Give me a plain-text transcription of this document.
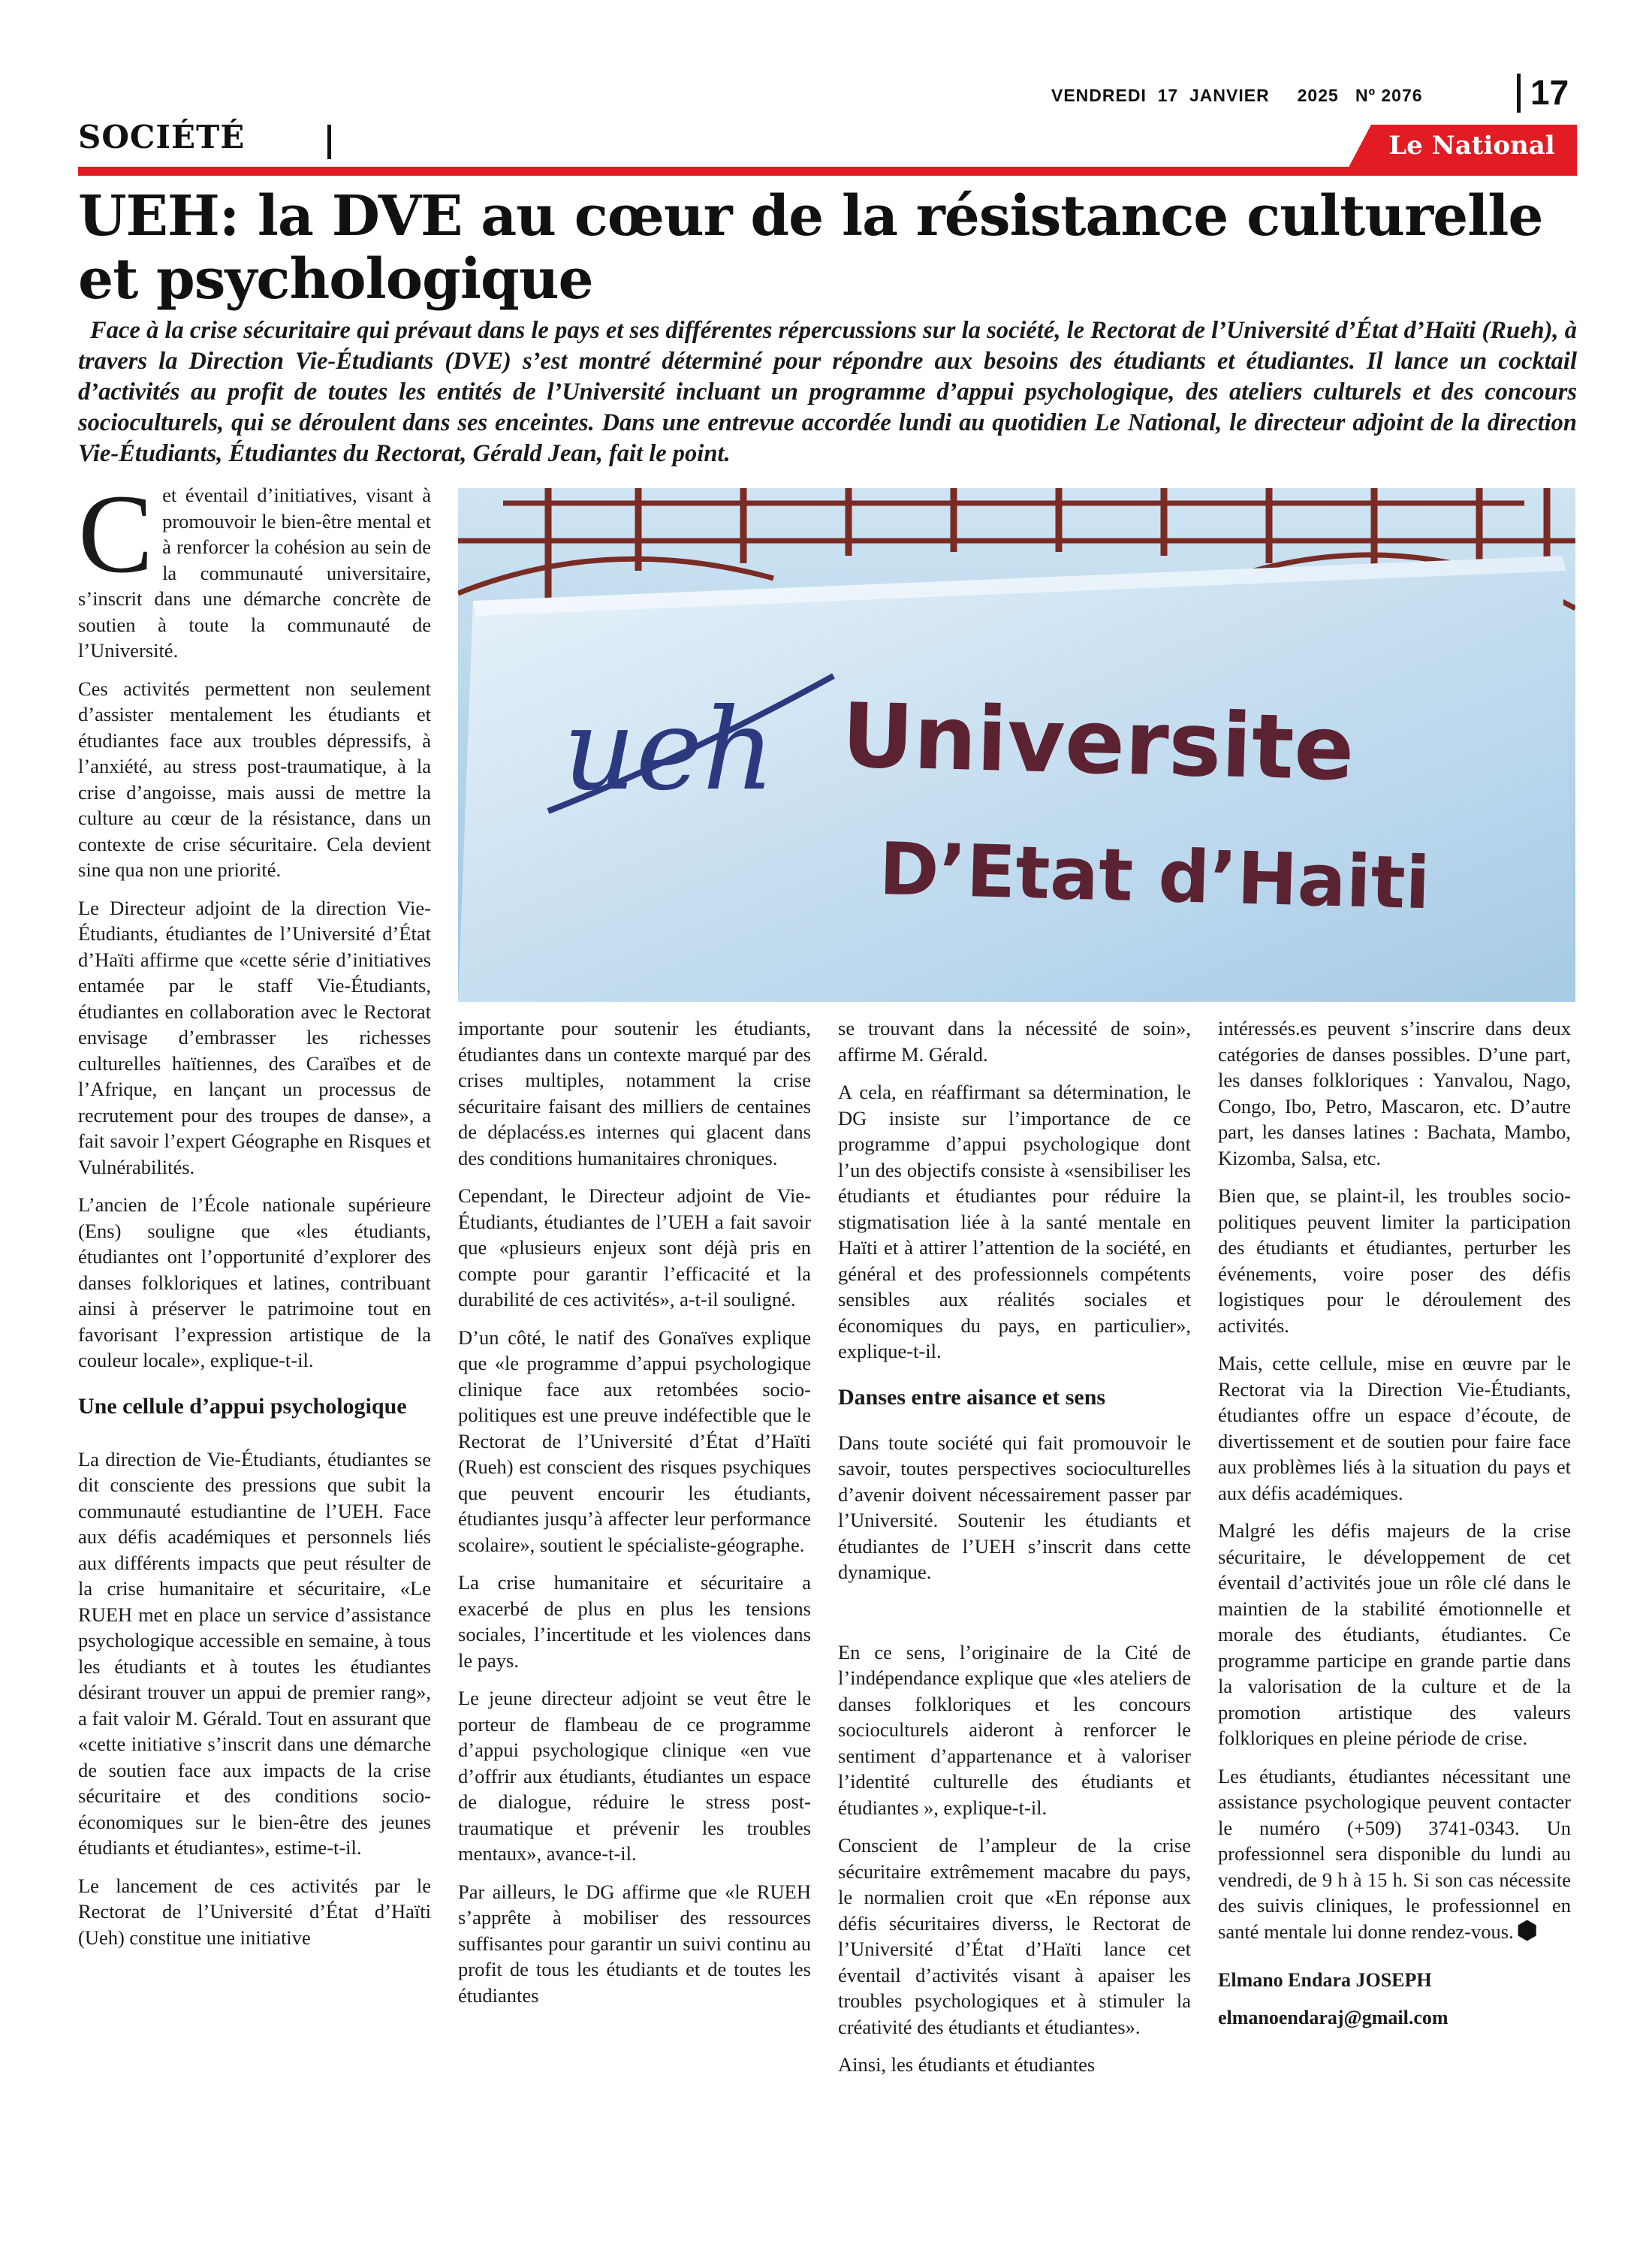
SOCIÉTÉ
VENDREDI  17  JANVIER     2025   Nº 2076	17
Le National
UEH: la DVE au cœur de la résistance culturelle et psychologique
Face à la crise sécuritaire qui prévaut dans le pays et ses différentes répercussions sur la société, le Rectorat de l’Université d’État d’Haïti (Rueh), à travers la Direction Vie-Étudiants (DVE) s’est montré déterminé pour répondre aux besoins des étudiants et étudiantes. Il lance un cocktail d’activités au profit de toutes les entités de l’Université incluant un programme d’appui psychologique, des ateliers culturels et des concours socioculturels, qui se déroulent dans ses enceintes. Dans une entrevue accordée lundi au quotidien Le National, le directeur adjoint de la direction Vie-Étudiants, Étudiantes du Rectorat, Gérald Jean, fait le point.
ueh Universite
D’Etat d’Haiti

Cet éventail d’initiatives, visant à promouvoir le bien-être mental et à renforcer la cohésion au sein de la communauté universitaire, s’inscrit dans une démarche concrète de soutien à toute la communauté de l’Université.

Ces activités permettent non seulement d’assister mentalement les étudiants et étudiantes face aux troubles dépressifs, à l’anxiété, au stress post-traumatique, à la crise d’angoisse, mais aussi de mettre la culture au cœur de la résistance, dans un contexte de crise sécuritaire. Cela devient sine qua non une priorité.

Le Directeur adjoint de la direction Vie-Étudiants, étudiantes de l’Université d’État d’Haïti affirme que «cette série d’initiatives entamée par le staff Vie-Étudiants, étudiantes en collaboration avec le Rectorat envisage d’embrasser les richesses culturelles haïtiennes, des Caraïbes et de l’Afrique, en lançant un processus de recrutement pour des troupes de danse», a fait savoir l’expert Géographe en Risques et Vulnérabilités.

L’ancien de l’École nationale supérieure (Ens) souligne que «les étudiants, étudiantes ont l’opportunité d’explorer des danses folkloriques et latines, contribuant ainsi à préserver le patrimoine tout en favorisant l’expression artistique de la couleur locale», explique-t-il.

Une cellule d’appui psychologique

La direction de Vie-Étudiants, étudiantes se dit consciente des pressions que subit la communauté estudiantine de l’UEH. Face aux défis académiques et personnels liés aux différents impacts que peut résulter de la crise humanitaire et sécuritaire, «Le RUEH met en place un service d’assistance psychologique accessible en semaine, à tous les étudiants et à toutes les étudiantes désirant trouver un appui de premier rang», a fait valoir M. Gérald. Tout en assurant que «cette initiative s’inscrit dans une démarche de soutien face aux impacts de la crise sécuritaire et des conditions socio-économiques sur le bien-être des jeunes étudiants et étudiantes», estime-t-il.

Le lancement de ces activités par le Rectorat de l’Université d’État d’Haïti (Ueh) constitue une initiative

importante pour soutenir les étudiants, étudiantes dans un contexte marqué par des crises multiples, notamment la crise sécuritaire faisant des milliers de centaines de déplacéss.es internes qui glacent dans des conditions humanitaires chroniques.

Cependant, le Directeur adjoint de Vie-Étudiants, étudiantes de l’UEH a fait savoir que «plusieurs enjeux sont déjà pris en compte pour garantir l’efficacité et la durabilité de ces activités», a-t-il souligné.

D’un côté, le natif des Gonaïves explique que «le programme d’appui psychologique clinique face aux retombées socio-politiques est une preuve indéfectible que le Rectorat de l’Université d’État d’Haïti (Rueh) est conscient des risques psychiques que peuvent encourir les étudiants, étudiantes jusqu’à affecter leur performance scolaire», soutient le spécialiste-géographe.

La crise humanitaire et sécuritaire a exacerbé de plus en plus les tensions sociales, l’incertitude et les violences dans le pays.

Le jeune directeur adjoint se veut être le porteur de flambeau de ce programme d’appui psychologique clinique «en vue d’offrir aux étudiants, étudiantes un espace de dialogue, réduire le stress post-traumatique et prévenir les troubles mentaux», avance-t-il.

Par ailleurs, le DG affirme que «le RUEH s’apprête à mobiliser des ressources suffisantes pour garantir un suivi continu au profit de tous les étudiants et de toutes les étudiantes

se trouvant dans la nécessité de soin», affirme M. Gérald.

A cela, en réaffirmant sa détermination, le DG insiste sur l’importance de ce programme d’appui psychologique dont l’un des objectifs consiste à «sensibiliser les étudiants et étudiantes pour réduire la stigmatisation liée à la santé mentale en Haïti et à attirer l’attention de la société, en général et des professionnels compétents sensibles aux réalités sociales et économiques du pays, en particulier», explique-t-il.

Danses entre aisance et sens

Dans toute société qui fait promouvoir le savoir, toutes perspectives socioculturelles d’avenir doivent nécessairement passer par l’Université. Soutenir les étudiants et étudiantes de l’UEH s’inscrit dans cette dynamique.

En ce sens, l’originaire de la Cité de l’indépendance explique que «les ateliers de danses folkloriques et les concours socioculturels aideront à renforcer le sentiment d’appartenance et à valoriser l’identité culturelle des étudiants et étudiantes », explique-t-il.

Conscient de l’ampleur de la crise sécuritaire extrêmement macabre du pays, le normalien croit que «En réponse aux défis sécuritaires diverss, le Rectorat de l’Université d’État d’Haïti lance cet éventail d’activités visant à apaiser les troubles psychologiques et à stimuler la créativité des étudiants et étudiantes».

Ainsi, les étudiants et étudiantes

intéressés.es peuvent s’inscrire dans deux catégories de danses possibles. D’une part, les danses folkloriques : Yanvalou, Nago, Congo, Ibo, Petro, Mascaron, etc. D’autre part, les danses latines : Bachata, Mambo, Kizomba, Salsa, etc.

Bien que, se plaint-il, les troubles socio-politiques peuvent limiter la participation des étudiants et étudiantes, perturber les événements, voire poser des défis logistiques pour le déroulement des activités.

Mais, cette cellule, mise en œuvre par le Rectorat via la Direction Vie-Étudiants, étudiantes offre un espace d’écoute, de divertissement et de soutien pour faire face aux problèmes liés à la situation du pays et aux défis académiques.

Malgré les défis majeurs de la crise sécuritaire, le développement de cet éventail d’activités joue un rôle clé dans le maintien de la stabilité émotionnelle et morale des étudiants, étudiantes. Ce programme participe en grande partie dans la valorisation de la culture et de la promotion artistique des valeurs folkloriques en pleine période de crise.

Les étudiants, étudiantes nécessitant une assistance psychologique peuvent contacter le numéro (+509) 3741-0343. Un professionnel sera disponible du lundi au vendredi, de 9 h à 15 h. Si son cas nécessite des suivis cliniques, le professionnel en santé mentale lui donne rendez-vous.

Elmano Endara JOSEPH
elmanoendaraj@gmail.com
